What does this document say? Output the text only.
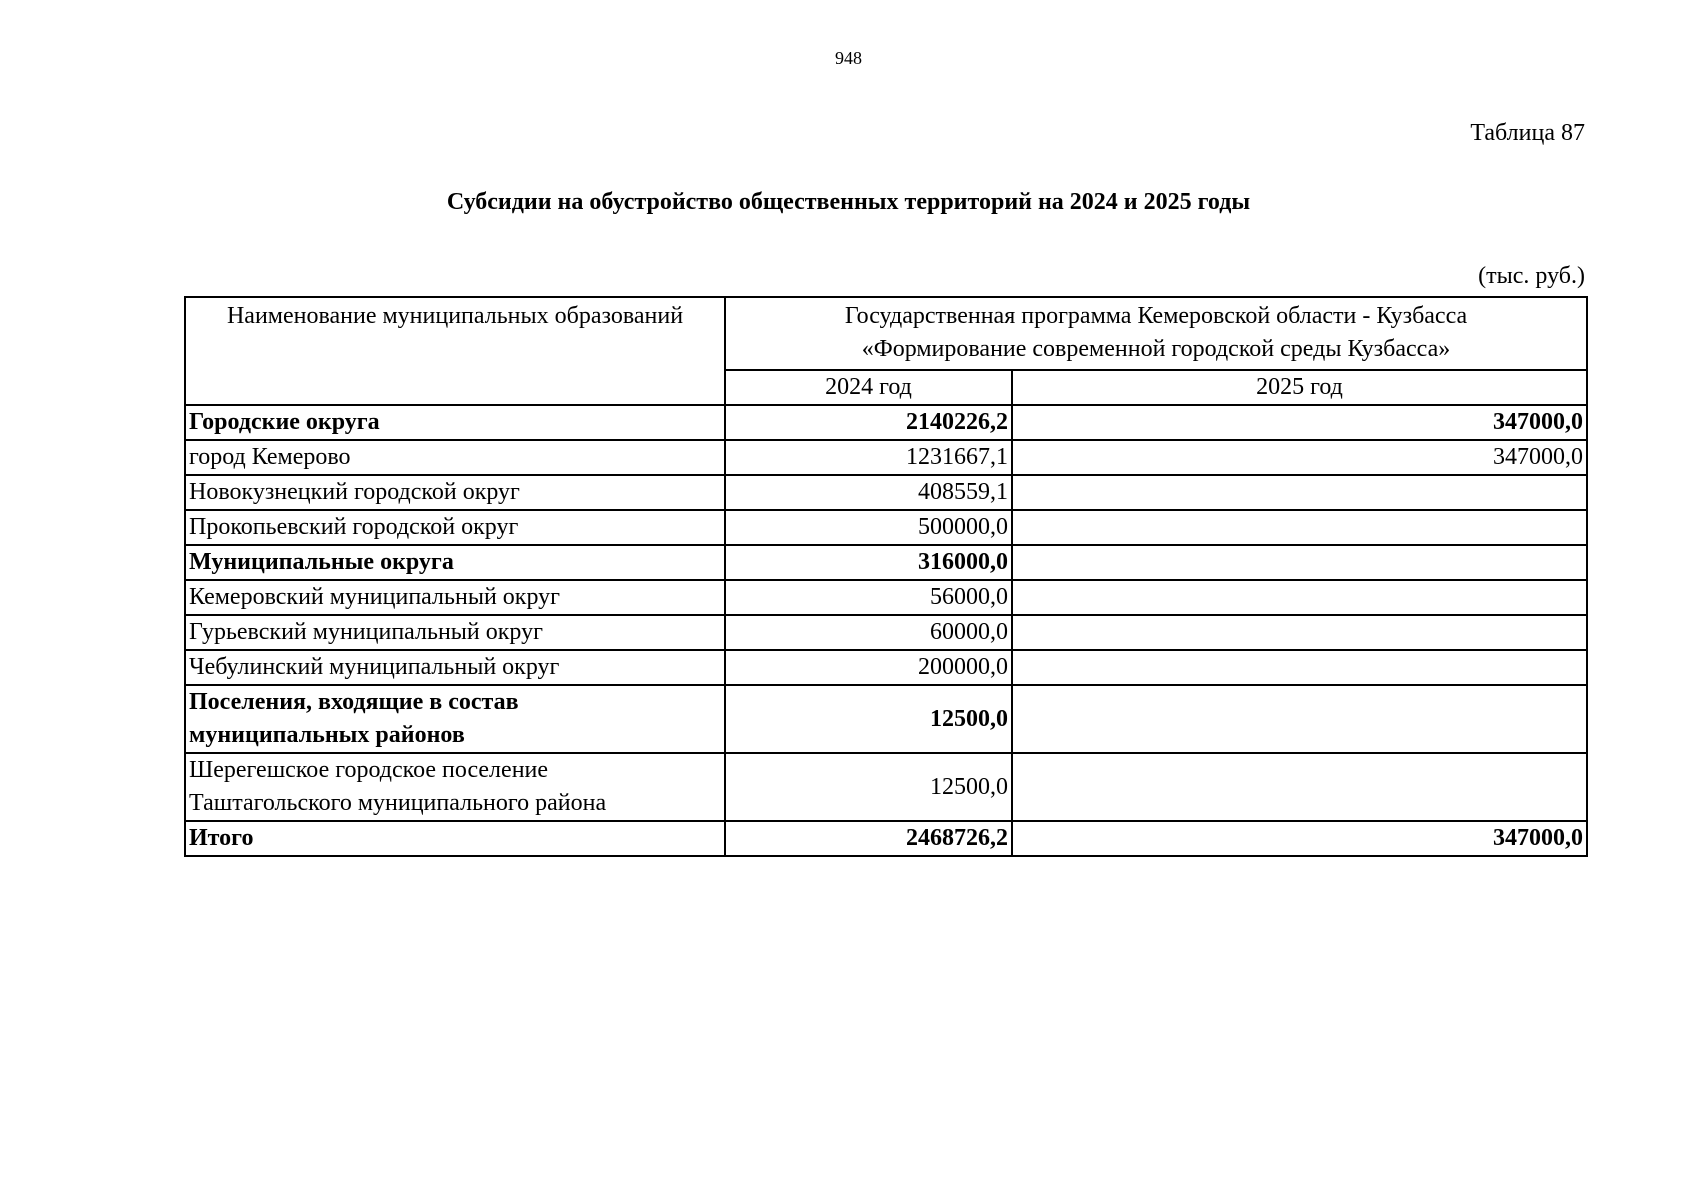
948
Таблица 87
Субсидии на обустройство общественных территорий на 2024 и 2025 годы
(тыс. руб.)
Наименование муниципальных образований	Государственная программа Кемеровской области - Кузбасса
«Формирование современной городской среды Кузбасса»	

	2024 год	2025 год
Городские округа	2140226,2	347000,0
город Кемерово	1231667,1	347000,0
Новокузнецкий городской округ	408559,1	
Прокопьевский городской округ	500000,0	
Муниципальные округа	316000,0	
Кемеровский муниципальный округ	56000,0	
Гурьевский муниципальный округ	60000,0	
Чебулинский муниципальный округ	200000,0	

Поселения, входящие в состав
муниципальных районов	12500,0	

Шерегешское городское поселение
Таштагольского муниципального района	12500,0	
Итого	2468726,2	347000,0
